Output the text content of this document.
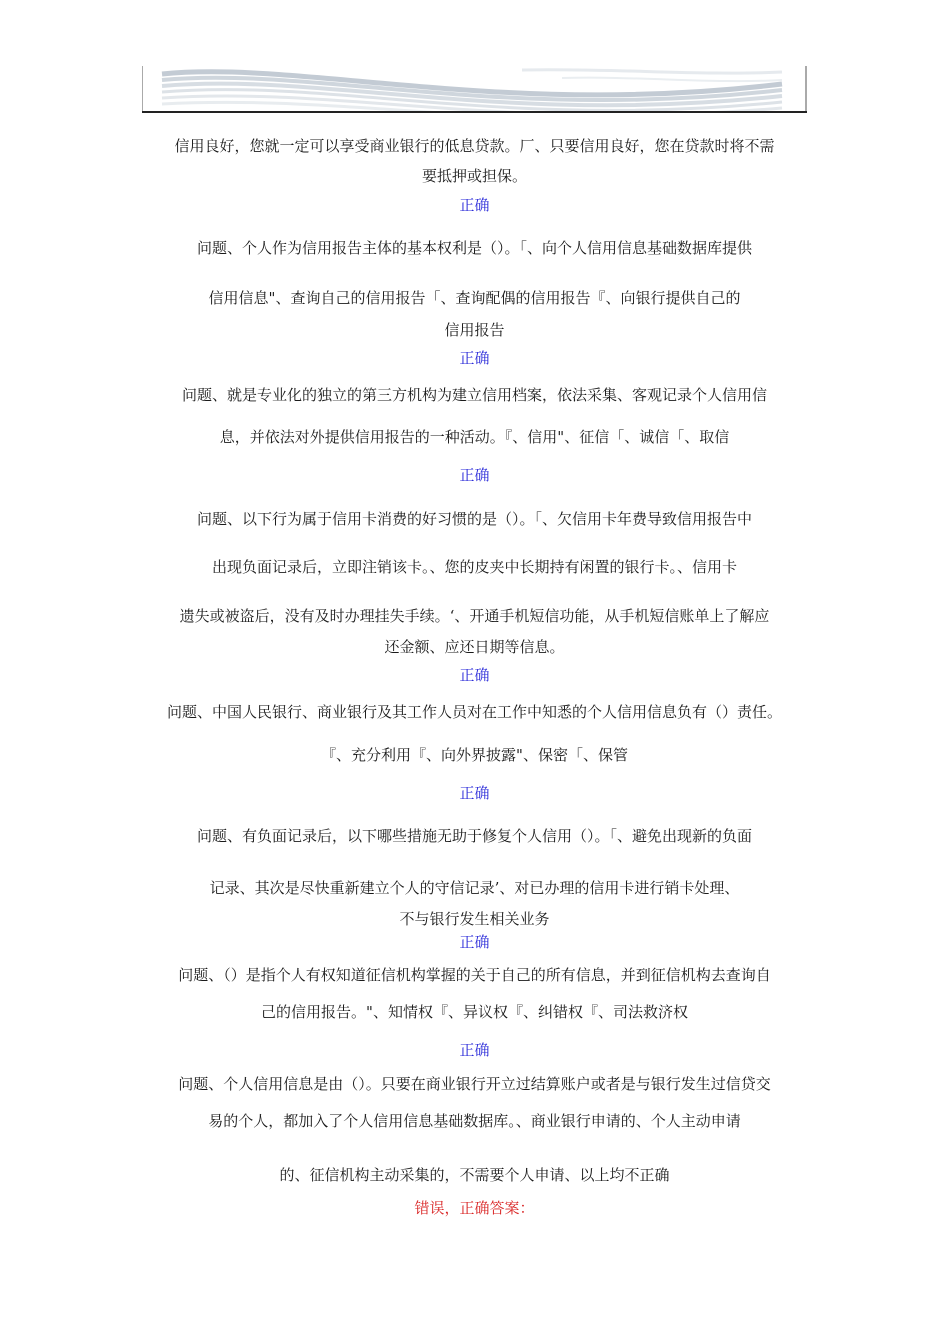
信用良好，您就一定可以享受商业银行的低息贷款。厂、只要信用良好，您在贷款时将不需
要抵押或担保。
正确
问题、个人作为信用报告主体的基本权利是（）。「、向个人信用信息基础数据库提供
信用信息"、查询自己的信用报告「、查询配偶的信用报告『、向银行提供自己的
信用报告
正确
问题、就是专业化的独立的第三方机构为建立信用档案，依法采集、客观记录个人信用信
息，并依法对外提供信用报告的一种活动。『、信用"、征信「、诚信「、取信
正确
问题、以下行为属于信用卡消费的好习惯的是（）。「、欠信用卡年费导致信用报告中
出现负面记录后，立即注销该卡。、您的皮夹中长期持有闲置的银行卡。、信用卡
遗失或被盗后，没有及时办理挂失手续。‘、开通手机短信功能，从手机短信账单上了解应
还金额、应还日期等信息。
正确
问题、中国人民银行、商业银行及其工作人员对在工作中知悉的个人信用信息负有（）责任。
『、充分利用『、向外界披露"、保密「、保管
正确
问题、有负面记录后，以下哪些措施无助于修复个人信用（）。「、避免出现新的负面
记录、其次是尽快重新建立个人的守信记录’、对已办理的信用卡进行销卡处理、
不与银行发生相关业务
正确
问题、（）是指个人有权知道征信机构掌握的关于自己的所有信息，并到征信机构去查询自
己的信用报告。"、知情权『、异议权『、纠错权『、司法救济权
正确
问题、个人信用信息是由（）。只要在商业银行开立过结算账户或者是与银行发生过信贷交
易的个人，都加入了个人信用信息基础数据库。、商业银行申请的、个人主动申请
的、征信机构主动采集的，不需要个人申请、以上均不正确
错误，正确答案：
